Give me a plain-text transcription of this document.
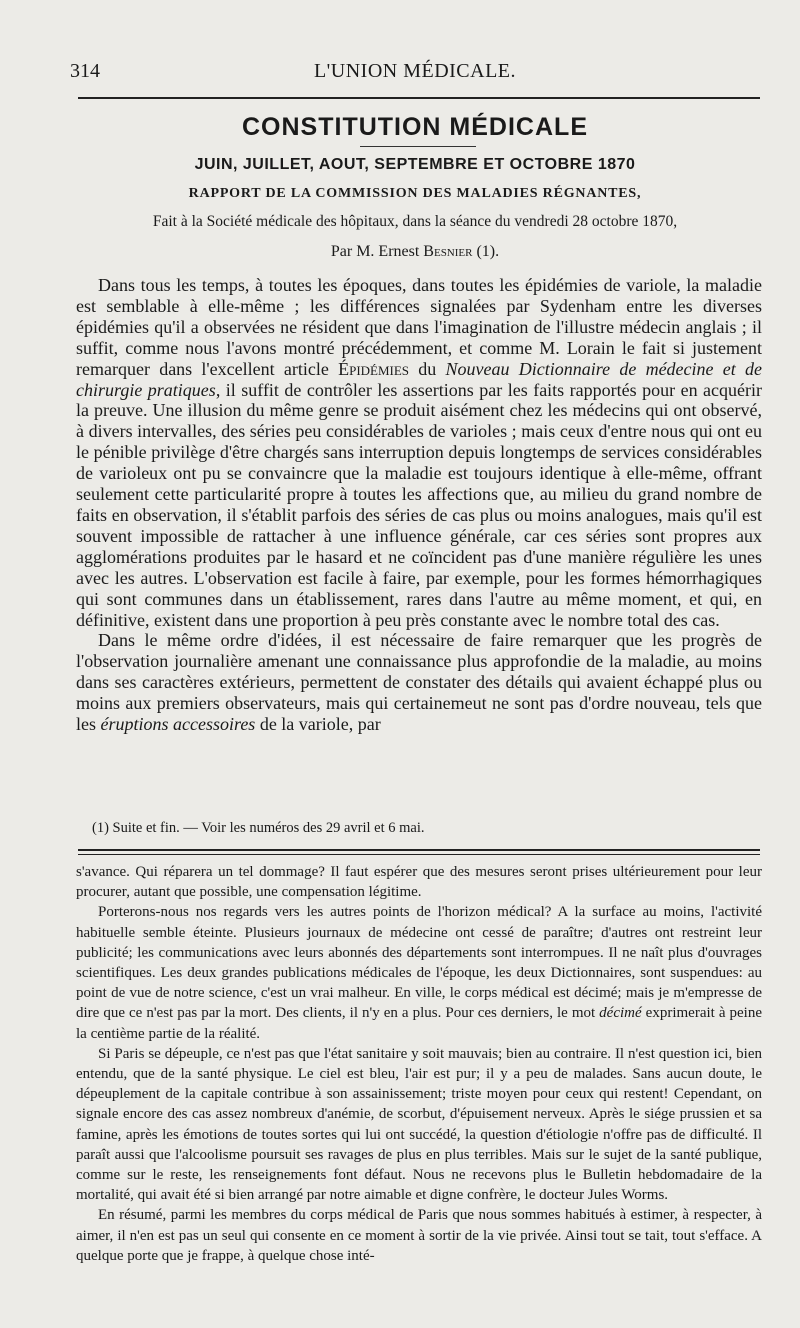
314	L'UNION MÉDICALE.
CONSTITUTION MÉDICALE
JUIN, JUILLET, AOUT, SEPTEMBRE ET OCTOBRE 1870
RAPPORT DE LA COMMISSION DES MALADIES RÉGNANTES,
Fait à la Société médicale des hôpitaux, dans la séance du vendredi 28 octobre 1870,
Par M. Ernest Besnier (1).

Dans tous les temps, à toutes les époques, dans toutes les épidémies de variole, la maladie est semblable à elle-même ; les différences signalées par Sydenham entre les diverses épidémies qu'il a observées ne résident que dans l'imagination de l'illustre médecin anglais ; il suffit, comme nous l'avons montré précédemment, et comme M. Lorain le fait si justement remarquer dans l'excellent article Épidémies du Nouveau Dictionnaire de médecine et de chirurgie pratiques, il suffit de contrôler les assertions par les faits rapportés pour en acquérir la preuve. Une illusion du même genre se produit aisément chez les médecins qui ont observé, à divers intervalles, des séries peu considérables de varioles ; mais ceux d'entre nous qui ont eu le pénible privilège d'être chargés sans interruption depuis longtemps de services considérables de varioleux ont pu se convaincre que la maladie est toujours identique à elle-même, offrant seulement cette particularité propre à toutes les affections que, au milieu du grand nombre de faits en observation, il s'établit parfois des séries de cas plus ou moins analogues, mais qu'il est souvent impossible de rattacher à une influence générale, car ces séries sont propres aux agglomérations produites par le hasard et ne coïncident pas d'une manière régulière les unes avec les autres. L'observation est facile à faire, par exemple, pour les formes hémorrhagiques qui sont communes dans un établissement, rares dans l'autre au même moment, et qui, en définitive, existent dans une proportion à peu près constante avec le nombre total des cas.

Dans le même ordre d'idées, il est nécessaire de faire remarquer que les progrès de l'observation journalière amenant une connaissance plus approfondie de la maladie, au moins dans ses caractères extérieurs, permettent de constater des détails qui avaient échappé plus ou moins aux premiers observateurs, mais qui certainemeut ne sont pas d'ordre nouveau, tels que les éruptions accessoires de la variole, par

(1) Suite et fin. — Voir les numéros des 29 avril et 6 mai.

s'avance. Qui réparera un tel dommage? Il faut espérer que des mesures seront prises ultérieurement pour leur procurer, autant que possible, une compensation légitime.

Porterons-nous nos regards vers les autres points de l'horizon médical? A la surface au moins, l'activité habituelle semble éteinte. Plusieurs journaux de médecine ont cessé de paraître; d'autres ont restreint leur publicité; les communications avec leurs abonnés des départements sont interrompues. Il ne naît plus d'ouvrages scientifiques. Les deux grandes publications médicales de l'époque, les deux Dictionnaires, sont suspendues: au point de vue de notre science, c'est un vrai malheur. En ville, le corps médical est décimé; mais je m'empresse de dire que ce n'est pas par la mort. Des clients, il n'y en a plus. Pour ces derniers, le mot décimé exprimerait à peine la centième partie de la réalité.

Si Paris se dépeuple, ce n'est pas que l'état sanitaire y soit mauvais; bien au contraire. Il n'est question ici, bien entendu, que de la santé physique. Le ciel est bleu, l'air est pur; il y a peu de malades. Sans aucun doute, le dépeuplement de la capitale contribue à son assainissement; triste moyen pour ceux qui restent! Cependant, on signale encore des cas assez nombreux d'anémie, de scorbut, d'épuisement nerveux. Après le siége prussien et sa famine, après les émotions de toutes sortes qui lui ont succédé, la question d'étiologie n'offre pas de difficulté. Il paraît aussi que l'alcoolisme poursuit ses ravages de plus en plus terribles. Mais sur le sujet de la santé publique, comme sur le reste, les renseignements font défaut. Nous ne recevons plus le Bulletin hebdomadaire de la mortalité, qui avait été si bien arrangé par notre aimable et digne confrère, le docteur Jules Worms.

En résumé, parmi les membres du corps médical de Paris que nous sommes habitués à estimer, à respecter, à aimer, il n'en est pas un seul qui consente en ce moment à sortir de la vie privée. Ainsi tout se tait, tout s'efface. A quelque porte que je frappe, à quelque chose inté-
